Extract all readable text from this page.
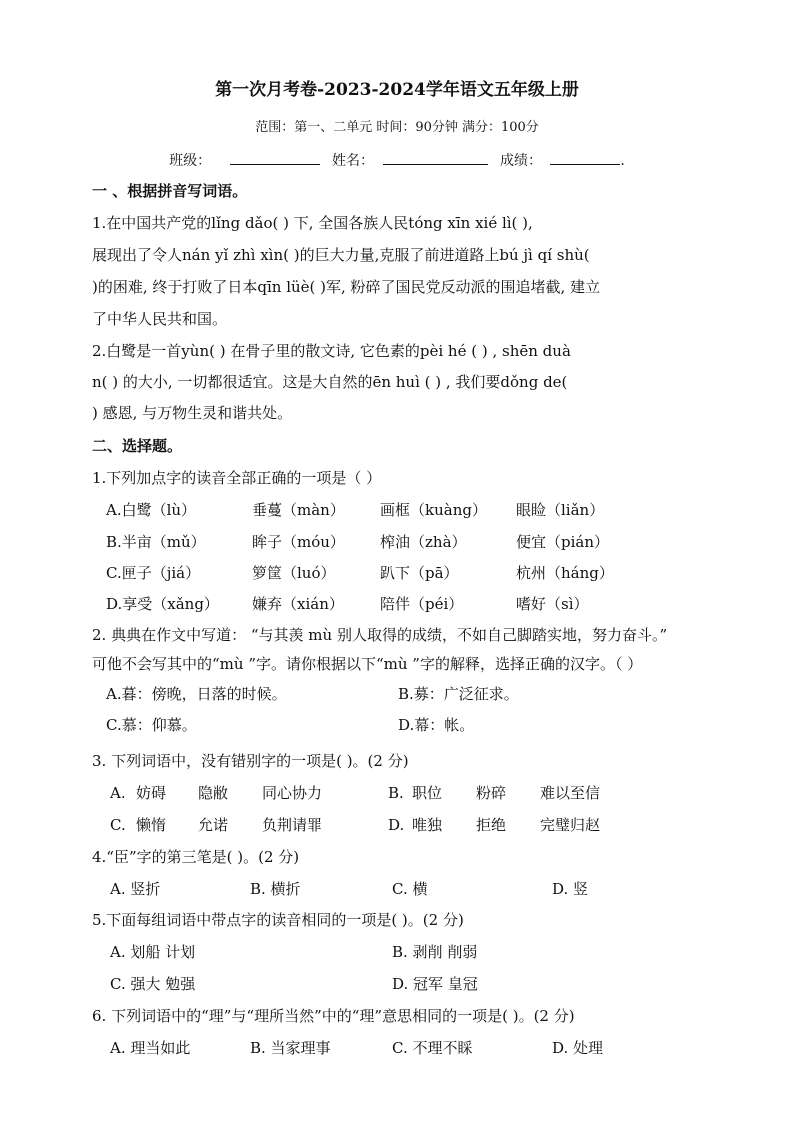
第一次月考卷-2023-2024学年语文五年级上册
范围：第一、二单元 时间：90分钟 满分：100分
班级：	姓名：	成绩：	.
一 、根据拼音写词语。
1.在中国共产党的lǐng dǎo( ) 下, 全国各族人民tóng xīn xié lì( ),
展现出了令人nán yǐ zhì xìn( )的巨大力量,克服了前进道路上bú jì qí shù(
)的困难, 终于打败了日本qīn lüè( )军, 粉碎了国民党反动派的围追堵截, 建立
了中华人民共和国。
2.白鹭是一首yùn( ) 在骨子里的散文诗, 它色素的pèi hé ( ) , shēn duà
n( ) 的大小, 一切都很适宜。这是大自然的ēn huì ( ) , 我们要dǒng de(
) 感恩, 与万物生灵和谐共处。
二、选择题。
1.下列加点字的读音全部正确的一项是（ ）
A.白鹭（lù）	垂蔓（màn） 画框（kuàng） 眼睑（liǎn）
B.半亩（mǔ）	眸子（móu） 榨油（zhà）	便宜（pián）
C.匣子（jiá）	箩筐（luó）	趴下（pā）	杭州（háng）
D.享受（xǎng） 嫌弃（xián） 陪伴（péi）	嗜好（sì）
2. 典典在作文中写道： “与其羡 mù 别人取得的成绩，不如自己脚踏实地，努力奋斗。”
可他不会写其中的“mù ”字。请你根据以下“mù ”字的解释，选择正确的汉字。（ ）
A.暮：傍晚，日落的时候。	B.募：广泛征求。
C.慕：仰慕。	D.幕：帐。
3. 下列词语中，没有错别字的一项是( )。(2 分)
A. 妨碍 隐敝 同心协力	B. 职位 粉碎 难以至信
C. 懒惰 允诺 负荆请罪	D. 唯独 拒绝 完璧归赵
4.“臣”字的第三笔是( )。(2 分)
A. 竖折	B. 横折	C. 横	D. 竖
5.下面每组词语中带点字的读音相同的一项是( )。(2 分)
A. 划船 计划	B. 剥削 削弱
C. 强大 勉强	D. 冠军 皇冠
6. 下列词语中的“理”与“理所当然”中的“理”意思相同的一项是( )。(2 分)
A. 理当如此	B. 当家理事	C. 不理不睬	D. 处理
